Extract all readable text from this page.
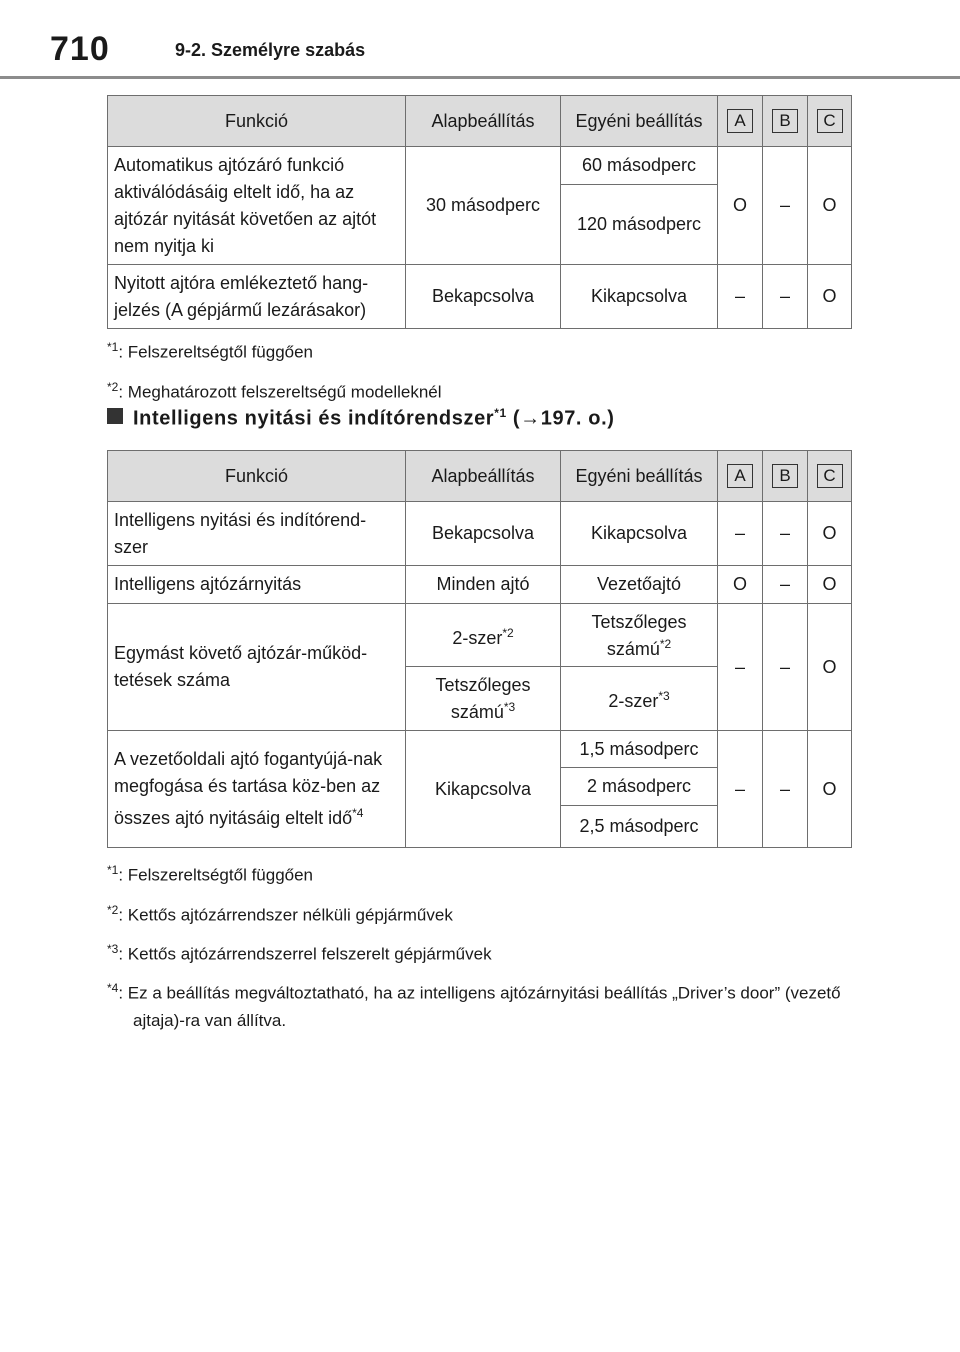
710	9-2. Személyre szabás
Funkció	Alapbeállítás	Egyéni beállítás	A	B	C
Automatikus ajtózáró funkció aktiválódásáig eltelt idő, ha az ajtózár nyitását követően az ajtót nem nyitja ki	30 másodperc	60 másodperc	O	–	O
		120 másodperc			
Nyitott ajtóra emlékeztető hang-jelzés (A gépjármű lezárásakor)	Bekapcsolva	Kikapcsolva	–	–	O
$^{*1}$: Felszereltségtől függően
$^{*2}$: Meghatározott felszereltségű modelleknél
Intelligens nyitási és indítórendszer$^{*1}$ (→197. o.)
Funkció	Alapbeállítás	Egyéni beállítás	A	B	C
Intelligens nyitási és indítórend-szer	Bekapcsolva	Kikapcsolva	–	–	O
Intelligens ajtózárnyitás	Minden ajtó	Vezetőajtó	O	–	O
Egymást követő ajtózár-működ-tetések száma	2-szer$^{*2}$	Tetszőleges számú$^{*2}$	–	–	O
	Tetszőleges számú$^{*3}$	2-szer$^{*3}$
A vezetőoldali ajtó fogantyújá-nak megfogása és tartása köz-ben az összes ajtó nyitásáig eltelt idő$^{*4}$	Kikapcsolva	1,5 másodperc	–	–	O
		2 másodperc			
		2,5 másodperc			
$^{*1}$: Felszereltségtől függően
$^{*2}$: Kettős ajtózárrendszer nélküli gépjárművek
$^{*3}$: Kettős ajtózárrendszerrel felszerelt gépjárművek
$^{*4}$: Ez a beállítás megváltoztatható, ha az intelligens ajtózárnyitási beállítás „Driver’s door” (vezető ajtaja)-ra van állítva.
